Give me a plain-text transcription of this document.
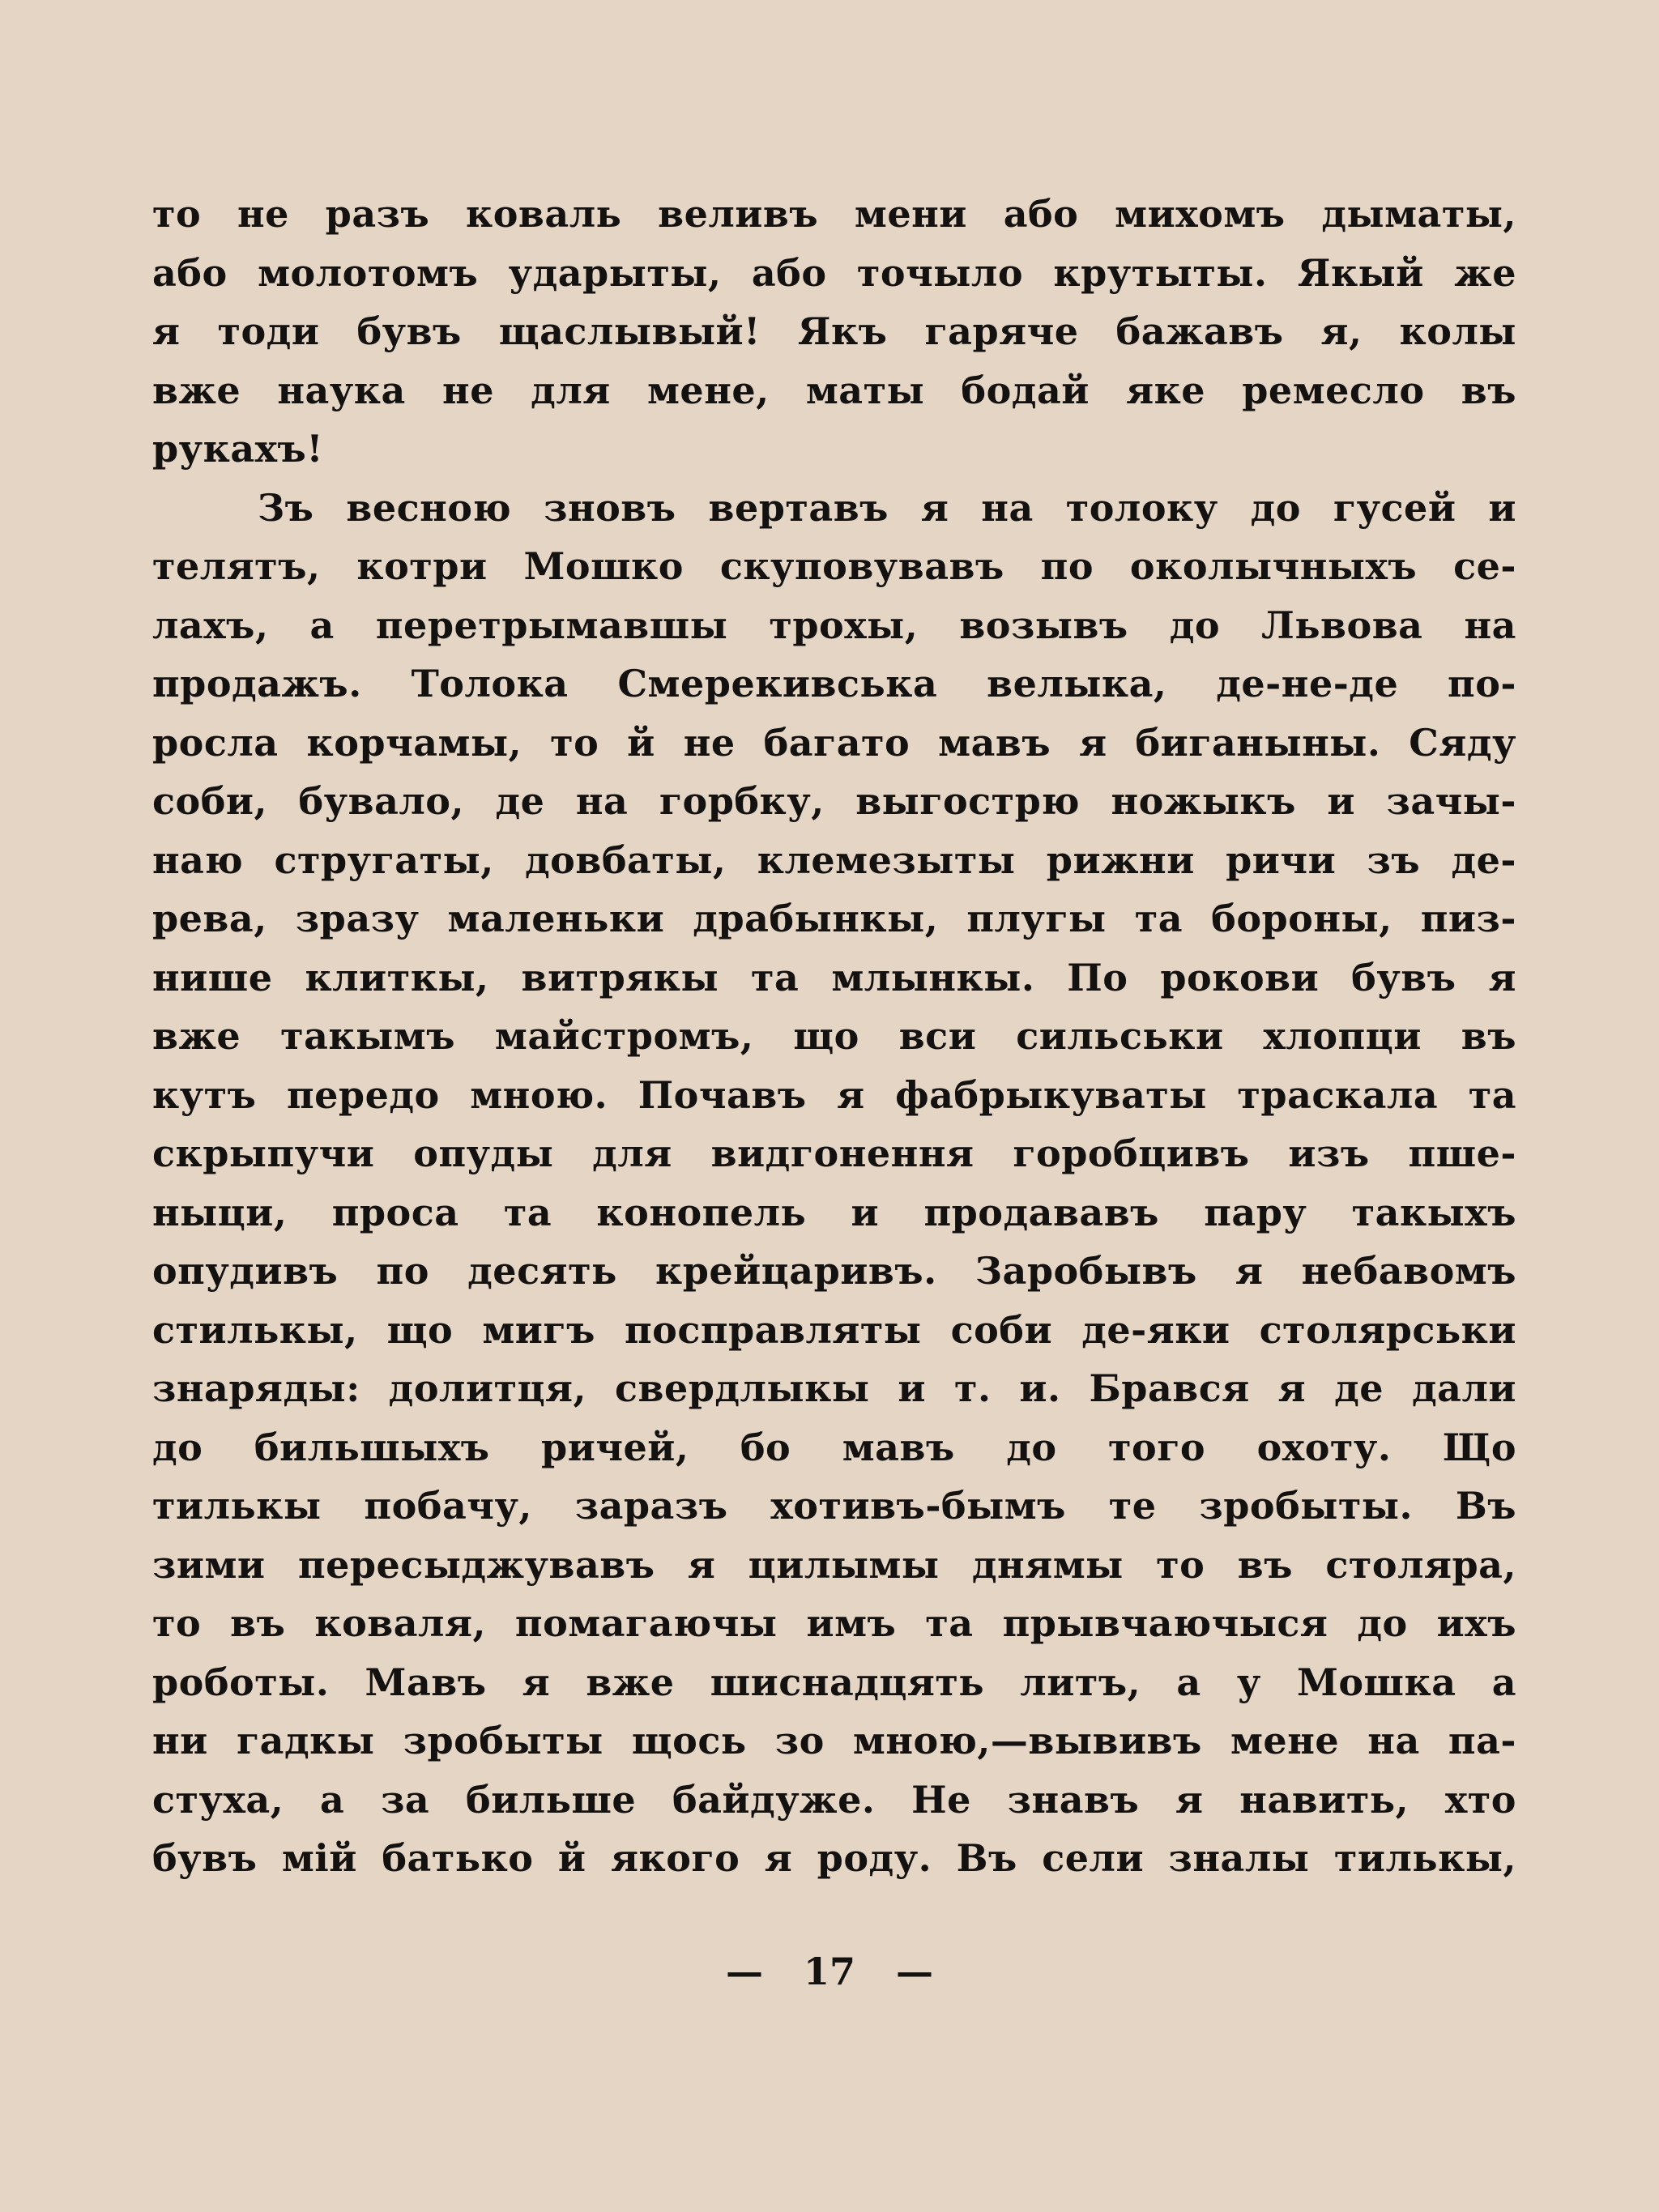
то не разъ коваль веливъ мени або михомъ дыматы,
або молотомъ ударыты, або точыло крутыты. Якый же
я тоди бувъ щаслывый! Якъ гаряче бажавъ я, колы
вже наука не для мене, маты бодай яке ремесло въ
рукахъ!
Зъ весною зновъ вертавъ я на толоку до гусей и
телятъ, котри Мошко скуповувавъ по околычныхъ се-
лахъ, а перетрымавшы трохы, возывъ до Львова на
продажъ. Толока Смерекивська велыка, де-не-де по-
росла корчамы, то й не багато мавъ я биганыны. Сяду
соби, бувало, де на горбку, выгострю ножыкъ и зачы-
наю стругаты, довбаты, клемезыты рижни ричи зъ де-
рева, зразу маленьки драбынкы, плугы та бороны, пиз-
нише клиткы, витрякы та млынкы. По рокови бувъ я
вже такымъ майстромъ, що вси сильськи хлопци въ
кутъ передо мною. Почавъ я фабрыкуваты траскала та
скрыпучи опуды для видгонення горобцивъ изъ пше-
ныци, проса та конопель и продававъ пару такыхъ
опудивъ по десять крейцаривъ. Заробывъ я небавомъ
стилькы, що мигъ посправляты соби де-яки столярськи
знаряды: долитця, свердлыкы и т. и. Брався я де дали
до бильшыхъ ричей, бо мавъ до того охоту. Що
тилькы побачу, заразъ хотивъ-бымъ те зробыты. Въ
зими пересыджувавъ я цилымы днямы то въ столяра,
то въ коваля, помагаючы имъ та прывчаючыся до ихъ
роботы. Мавъ я вже шиснадцять литъ, а у Мошка а
ни гадкы зробыты щось зо мною,—вывивъ мене на па-
стуха, а за бильше байдуже. Не знавъ я навить, хто
бувъ мій батько й якого я роду. Въ сели зналы тилькы,
— 17 —
